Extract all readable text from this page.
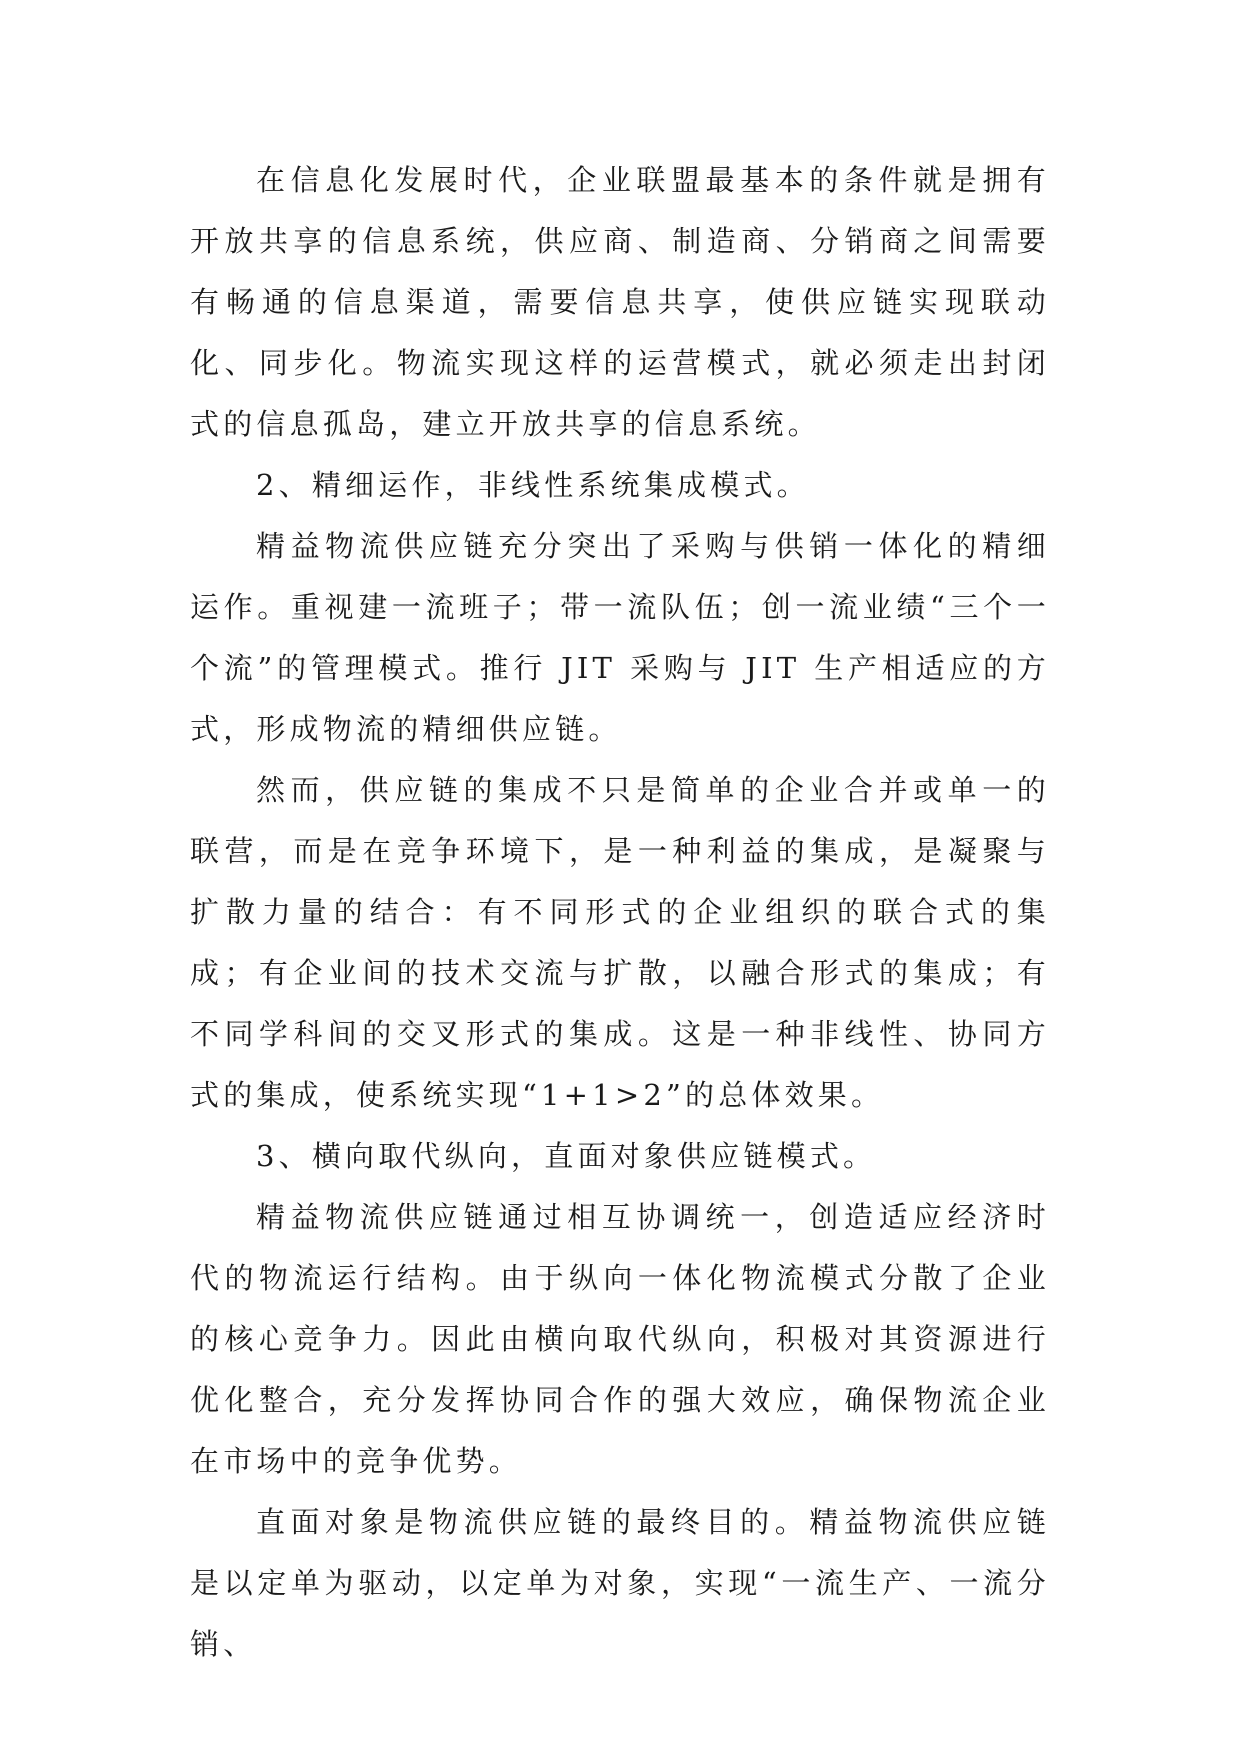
在信息化发展时代，企业联盟最基本的条件就是拥有开放共享的信息系统，供应商、制造商、分销商之间需要有畅通的信息渠道，需要信息共享，使供应链实现联动化、同步化。物流实现这样的运营模式，就必须走出封闭式的信息孤岛，建立开放共享的信息系统。

2、精细运作，非线性系统集成模式。

精益物流供应链充分突出了采购与供销一体化的精细运作。重视建一流班子；带一流队伍；创一流业绩“三个一个流”的管理模式。推行 JIT 采购与 JIT 生产相适应的方式，形成物流的精细供应链。

然而，供应链的集成不只是简单的企业合并或单一的联营，而是在竞争环境下，是一种利益的集成，是凝聚与扩散力量的结合：有不同形式的企业组织的联合式的集成；有企业间的技术交流与扩散，以融合形式的集成；有不同学科间的交叉形式的集成。这是一种非线性、协同方式的集成，使系统实现“1+1>2”的总体效果。

3、横向取代纵向，直面对象供应链模式。

精益物流供应链通过相互协调统一，创造适应经济时代的物流运行结构。由于纵向一体化物流模式分散了企业的核心竞争力。因此由横向取代纵向，积极对其资源进行优化整合，充分发挥协同合作的强大效应，确保物流企业在市场中的竞争优势。

直面对象是物流供应链的最终目的。精益物流供应链是以定单为驱动，以定单为对象，实现“一流生产、一流分销、
